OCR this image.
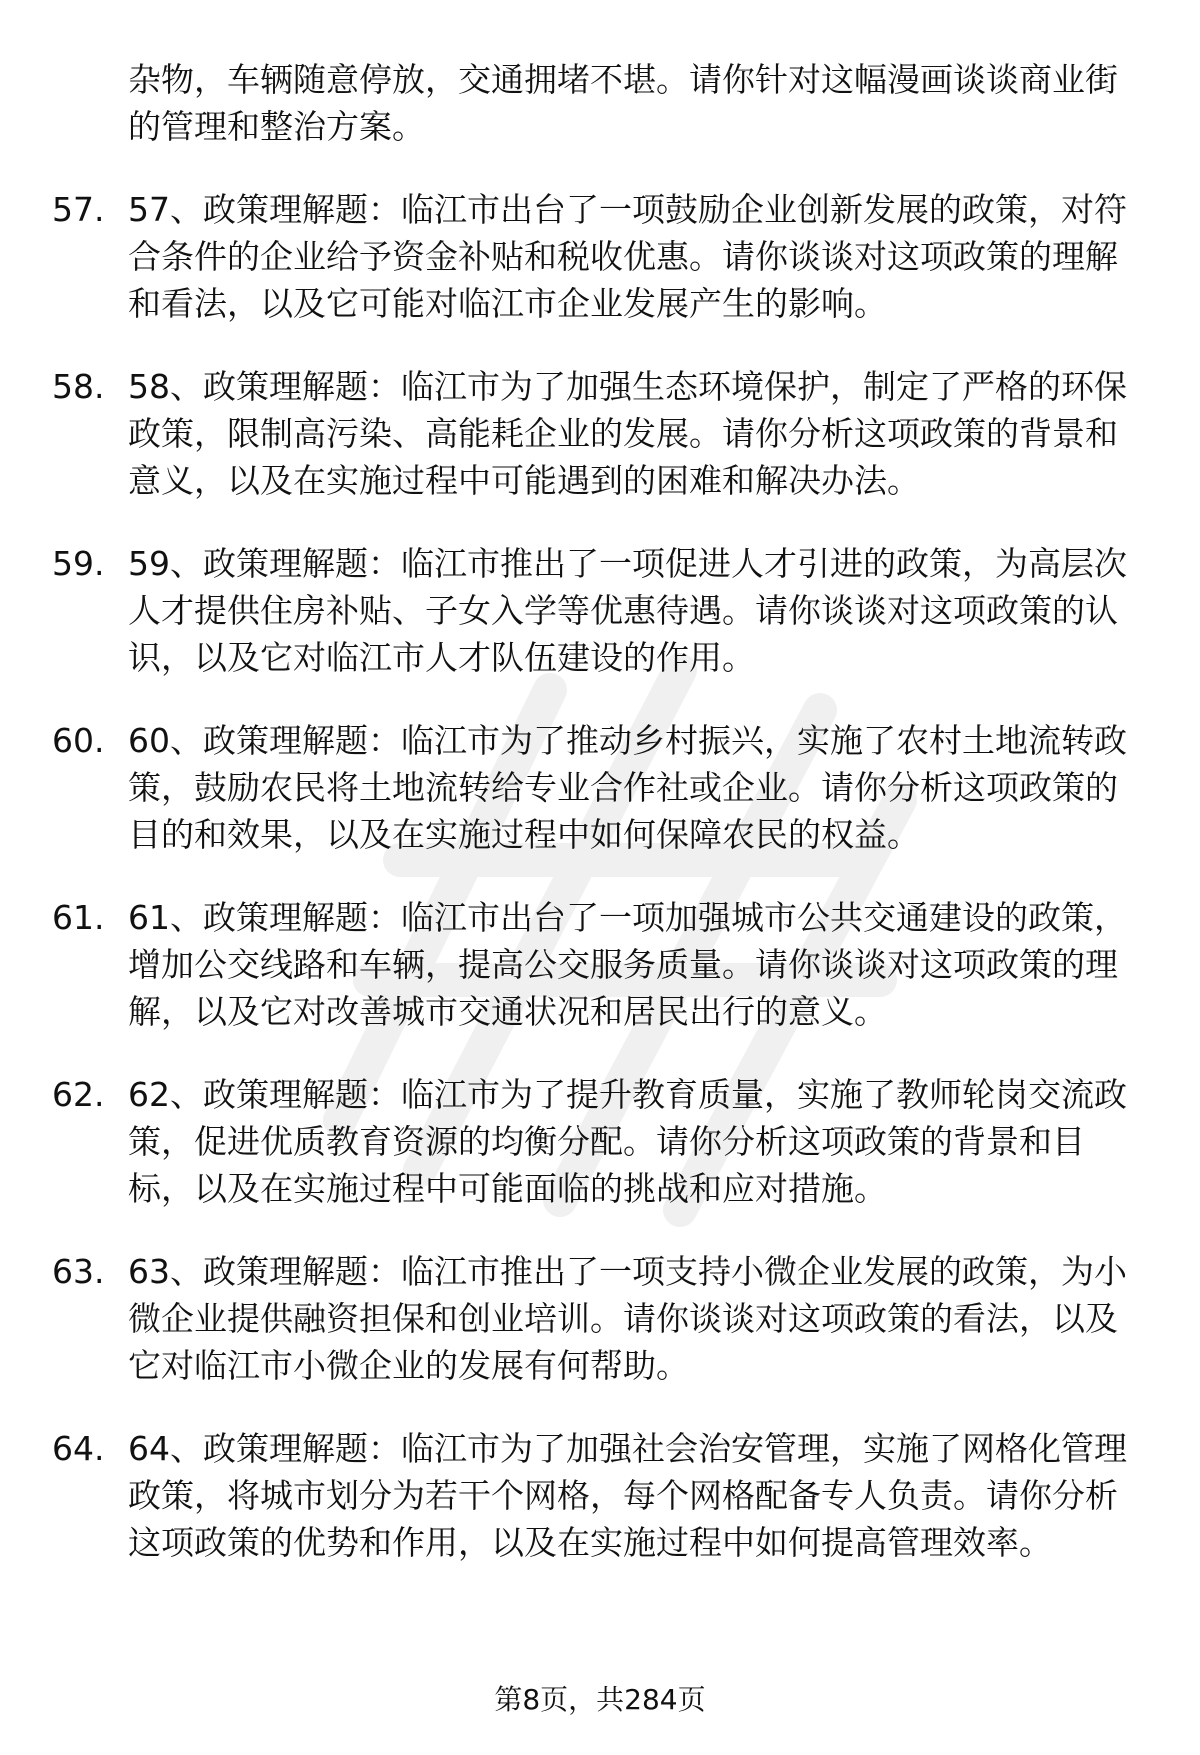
杂物，车辆随意停放，交通拥堵不堪。请你针对这幅漫画谈谈商业街的管理和整治方案。
57. 57、政策理解题：临江市出台了一项鼓励企业创新发展的政策，对符合条件的企业给予资金补贴和税收优惠。请你谈谈对这项政策的理解和看法，以及它可能对临江市企业发展产生的影响。
58. 58、政策理解题：临江市为了加强生态环境保护，制定了严格的环保政策，限制高污染、高能耗企业的发展。请你分析这项政策的背景和意义，以及在实施过程中可能遇到的困难和解决办法。
59. 59、政策理解题：临江市推出了一项促进人才引进的政策，为高层次人才提供住房补贴、子女入学等优惠待遇。请你谈谈对这项政策的认识，以及它对临江市人才队伍建设的作用。
60. 60、政策理解题：临江市为了推动乡村振兴，实施了农村土地流转政策，鼓励农民将土地流转给专业合作社或企业。请你分析这项政策的目的和效果，以及在实施过程中如何保障农民的权益。
61. 61、政策理解题：临江市出台了一项加强城市公共交通建设的政策，增加公交线路和车辆，提高公交服务质量。请你谈谈对这项政策的理解，以及它对改善城市交通状况和居民出行的意义。
62. 62、政策理解题：临江市为了提升教育质量，实施了教师轮岗交流政策，促进优质教育资源的均衡分配。请你分析这项政策的背景和目标，以及在实施过程中可能面临的挑战和应对措施。
63. 63、政策理解题：临江市推出了一项支持小微企业发展的政策，为小微企业提供融资担保和创业培训。请你谈谈对这项政策的看法，以及它对临江市小微企业的发展有何帮助。
64. 64、政策理解题：临江市为了加强社会治安管理，实施了网格化管理政策，将城市划分为若干个网格，每个网格配备专人负责。请你分析这项政策的优势和作用，以及在实施过程中如何提高管理效率。
第8页，共284页
